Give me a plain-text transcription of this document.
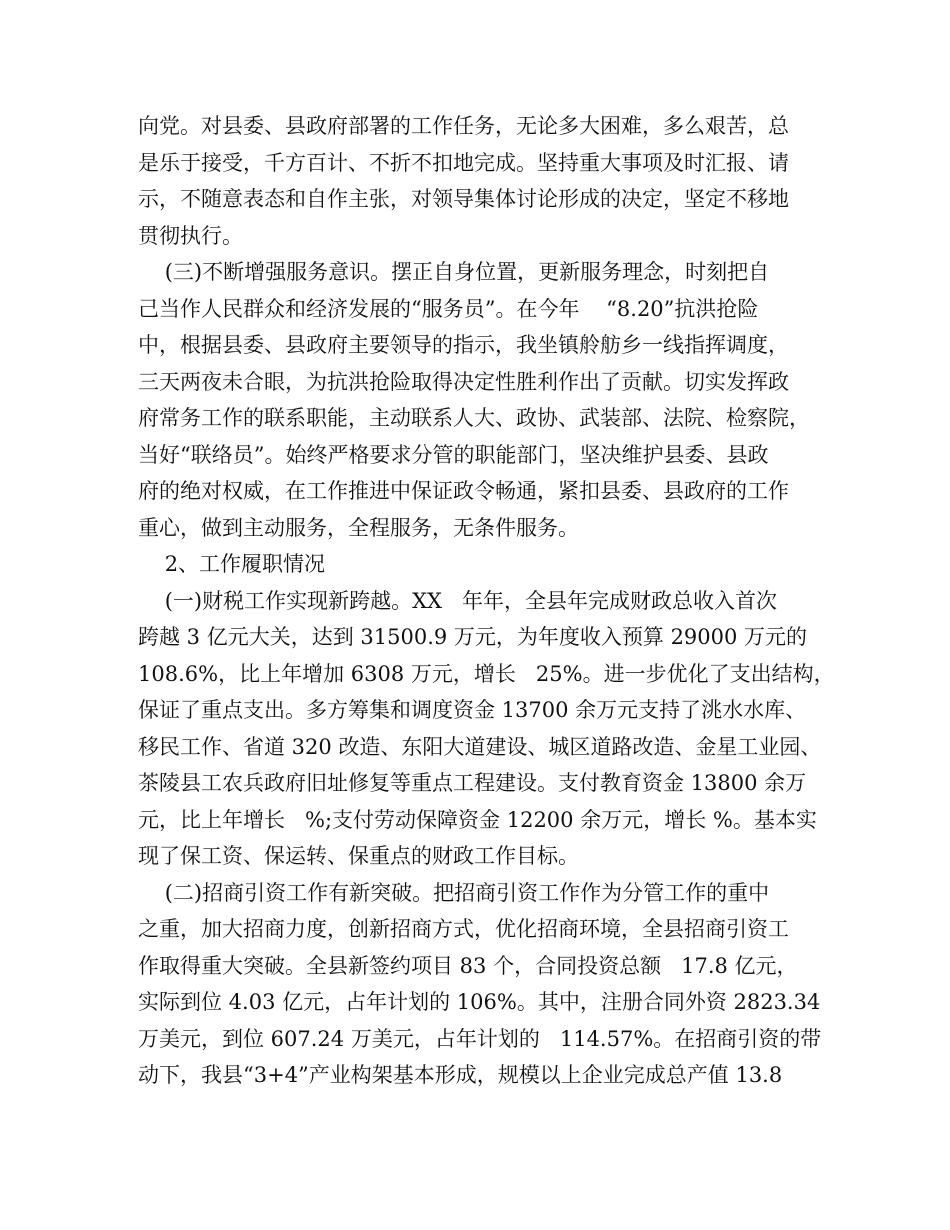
向党。对县委、县政府部署的工作任务，无论多大困难，多么艰苦，总
是乐于接受，千方百计、不折不扣地完成。坚持重大事项及时汇报、请
示，不随意表态和自作主张，对领导集体讨论形成的决定，坚定不移地
贯彻执行。
(三)不断增强服务意识。摆正自身位置，更新服务理念，时刻把自
己当作人民群众和经济发展的“服务员”。在今年    “8.20”抗洪抢险
中，根据县委、县政府主要领导的指示，我坐镇舲舫乡一线指挥调度，
三天两夜未合眼，为抗洪抢险取得决定性胜利作出了贡献。切实发挥政
府常务工作的联系职能，主动联系人大、政协、武装部、法院、检察院，
当好“联络员”。始终严格要求分管的职能部门，坚决维护县委、县政
府的绝对权威，在工作推进中保证政令畅通，紧扣县委、县政府的工作
重心，做到主动服务，全程服务，无条件服务。
2、工作履职情况
(一)财税工作实现新跨越。XX   年年，全县年完成财政总收入首次
跨越 3 亿元大关，达到 31500.9 万元，为年度收入预算 29000 万元的
108.6%，比上年增加 6308 万元，增长   25%。进一步优化了支出结构，
保证了重点支出。多方筹集和调度资金 13700 余万元支持了洮水水库、
移民工作、省道 320 改造、东阳大道建设、城区道路改造、金星工业园、
茶陵县工农兵政府旧址修复等重点工程建设。支付教育资金 13800 余万
元，比上年增长   %;支付劳动保障资金 12200 余万元，增长 %。基本实
现了保工资、保运转、保重点的财政工作目标。
(二)招商引资工作有新突破。把招商引资工作作为分管工作的重中
之重，加大招商力度，创新招商方式，优化招商环境，全县招商引资工
作取得重大突破。全县新签约项目 83 个，合同投资总额   17.8 亿元，
实际到位 4.03 亿元，占年计划的 106%。其中，注册合同外资 2823.34
万美元，到位 607.24 万美元，占年计划的   114.57%。在招商引资的带
动下，我县“3+4”产业构架基本形成，规模以上企业完成总产值 13.8
